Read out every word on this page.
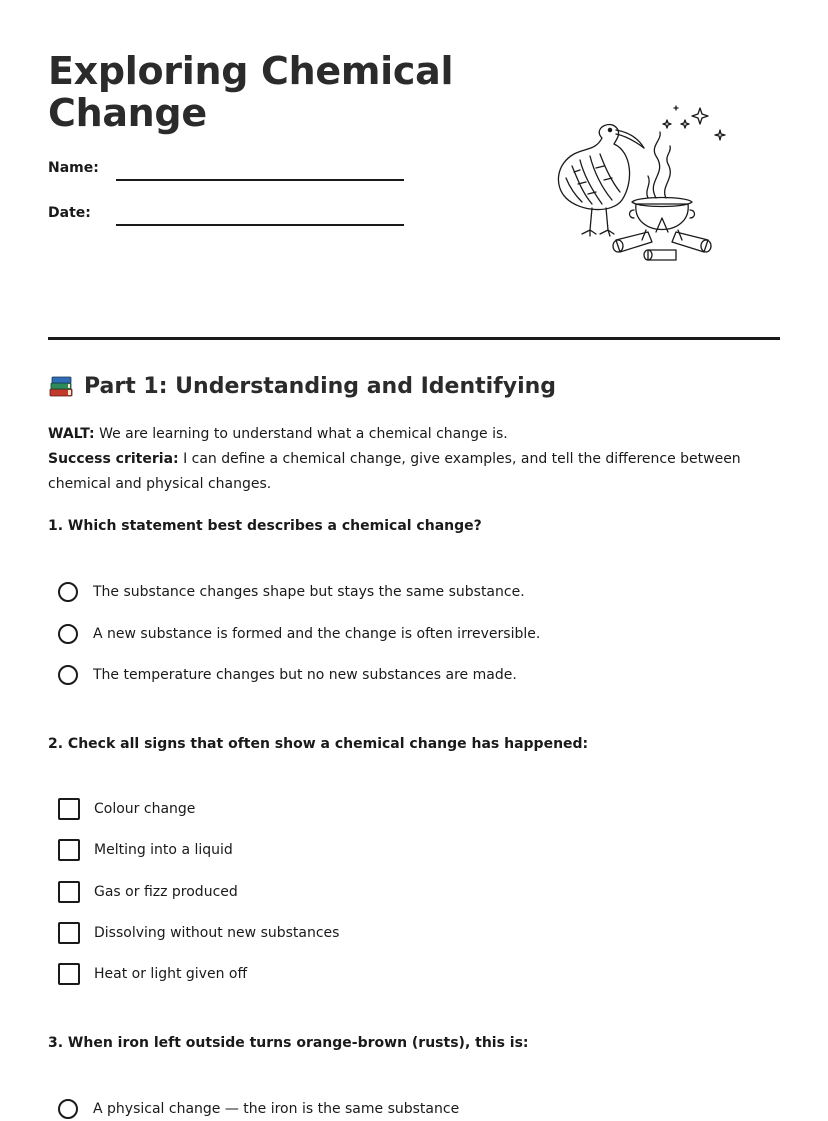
Exploring Chemical Change
Name:
Date:
Part 1: Understanding and Identifying
WALT: We are learning to understand what a chemical change is.
Success criteria: I can define a chemical change, give examples, and tell the difference between chemical and physical changes.
1. Which statement best describes a chemical change?
The substance changes shape but stays the same substance.
A new substance is formed and the change is often irreversible.
The temperature changes but no new substances are made.
2. Check all signs that often show a chemical change has happened:
Colour change
Melting into a liquid
Gas or fizz produced
Dissolving without new substances
Heat or light given off
3. When iron left outside turns orange-brown (rusts), this is:
A physical change — the iron is the same substance
